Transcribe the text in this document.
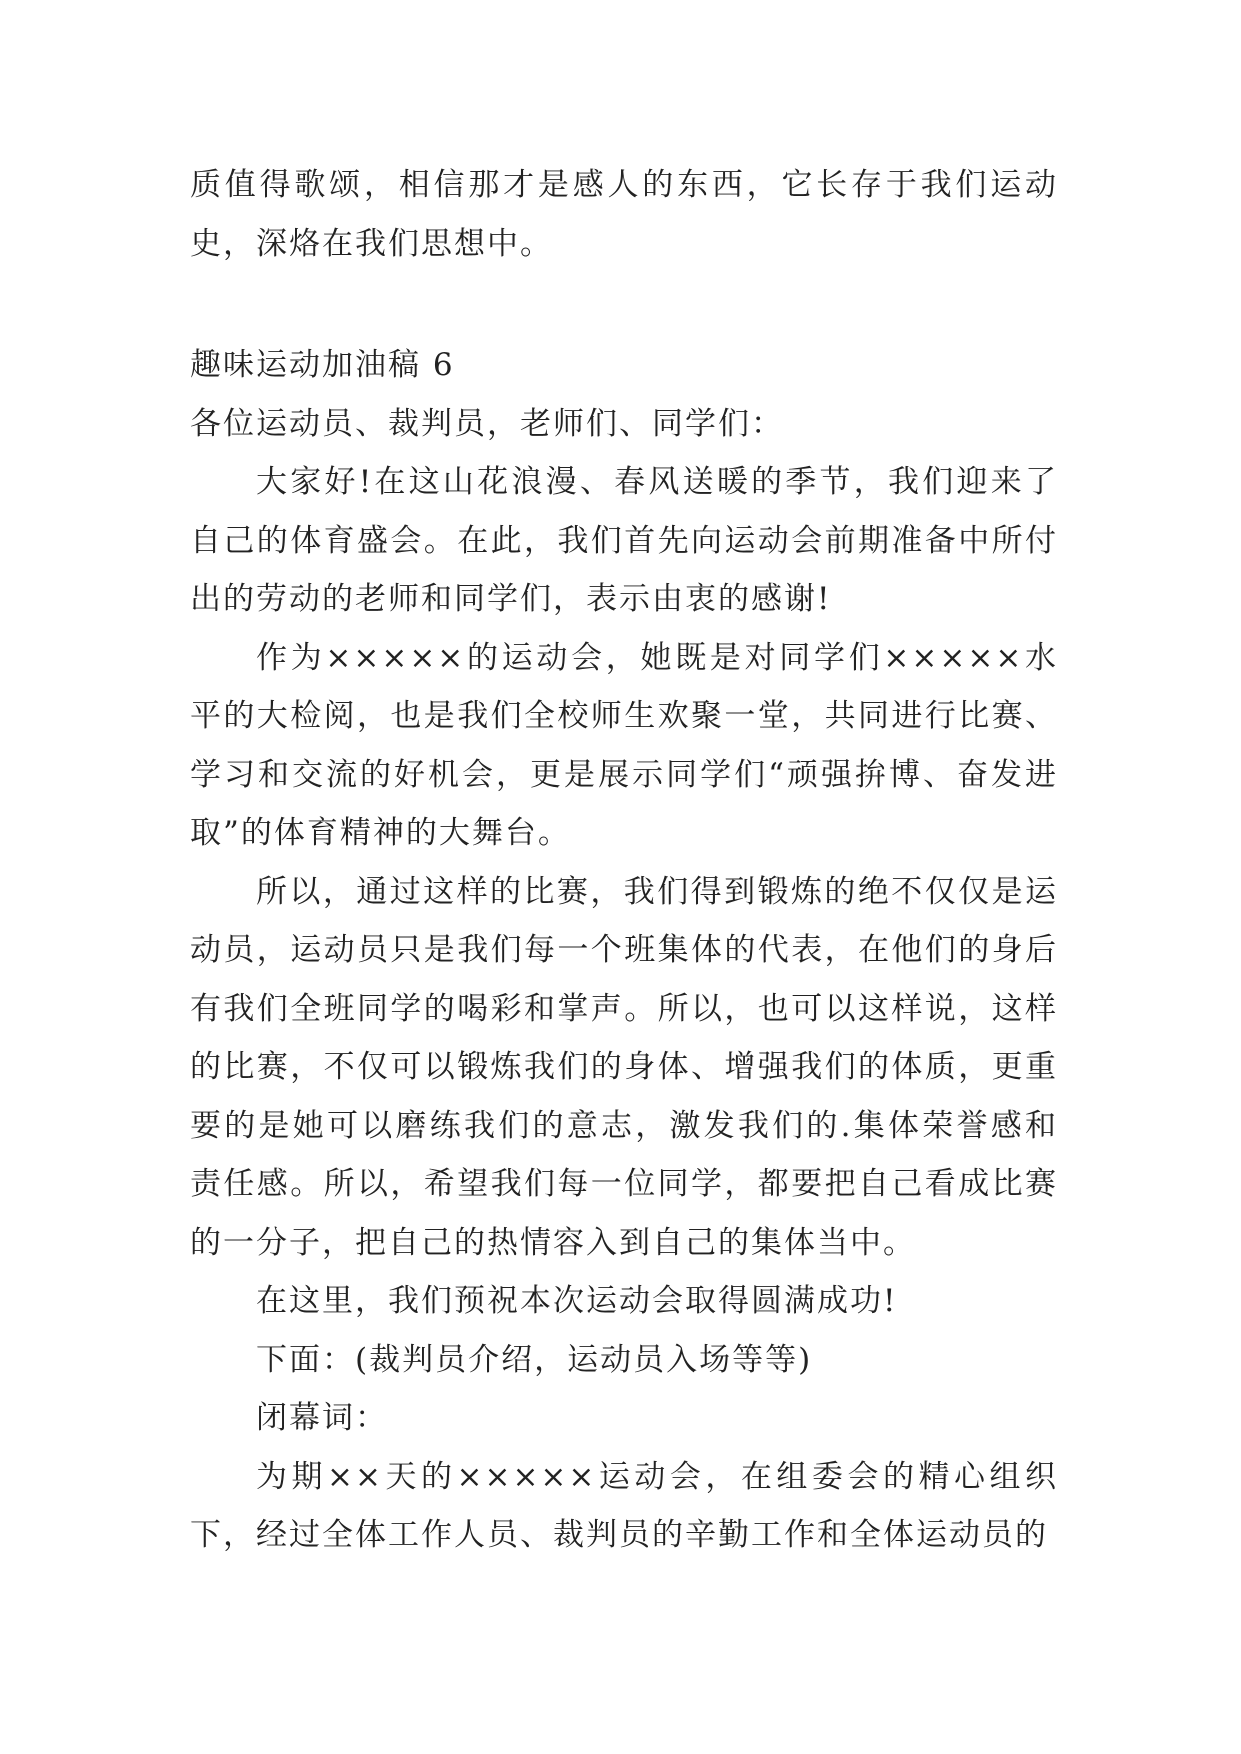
质值得歌颂，相信那才是感人的东西，它长存于我们运动史，深烙在我们思想中。

趣味运动加油稿 6

各位运动员、裁判员，老师们、同学们：

大家好!在这山花浪漫、春风送暖的季节，我们迎来了自己的体育盛会。在此，我们首先向运动会前期准备中所付出的劳动的老师和同学们，表示由衷的感谢!

作为×××××的运动会，她既是对同学们×××××水平的大检阅，也是我们全校师生欢聚一堂，共同进行比赛、学习和交流的好机会，更是展示同学们“顽强拚博、奋发进取”的体育精神的大舞台。

所以，通过这样的比赛，我们得到锻炼的绝不仅仅是运动员，运动员只是我们每一个班集体的代表，在他们的身后有我们全班同学的喝彩和掌声。所以，也可以这样说，这样的比赛，不仅可以锻炼我们的身体、增强我们的体质，更重要的是她可以磨练我们的意志，激发我们的.集体荣誉感和责任感。所以，希望我们每一位同学，都要把自己看成比赛的一分子，把自己的热情容入到自己的集体当中。

在这里，我们预祝本次运动会取得圆满成功!

下面：(裁判员介绍，运动员入场等等)

闭幕词：

为期××天的×××××运动会，在组委会的精心组织下，经过全体工作人员、裁判员的辛勤工作和全体运动员的
